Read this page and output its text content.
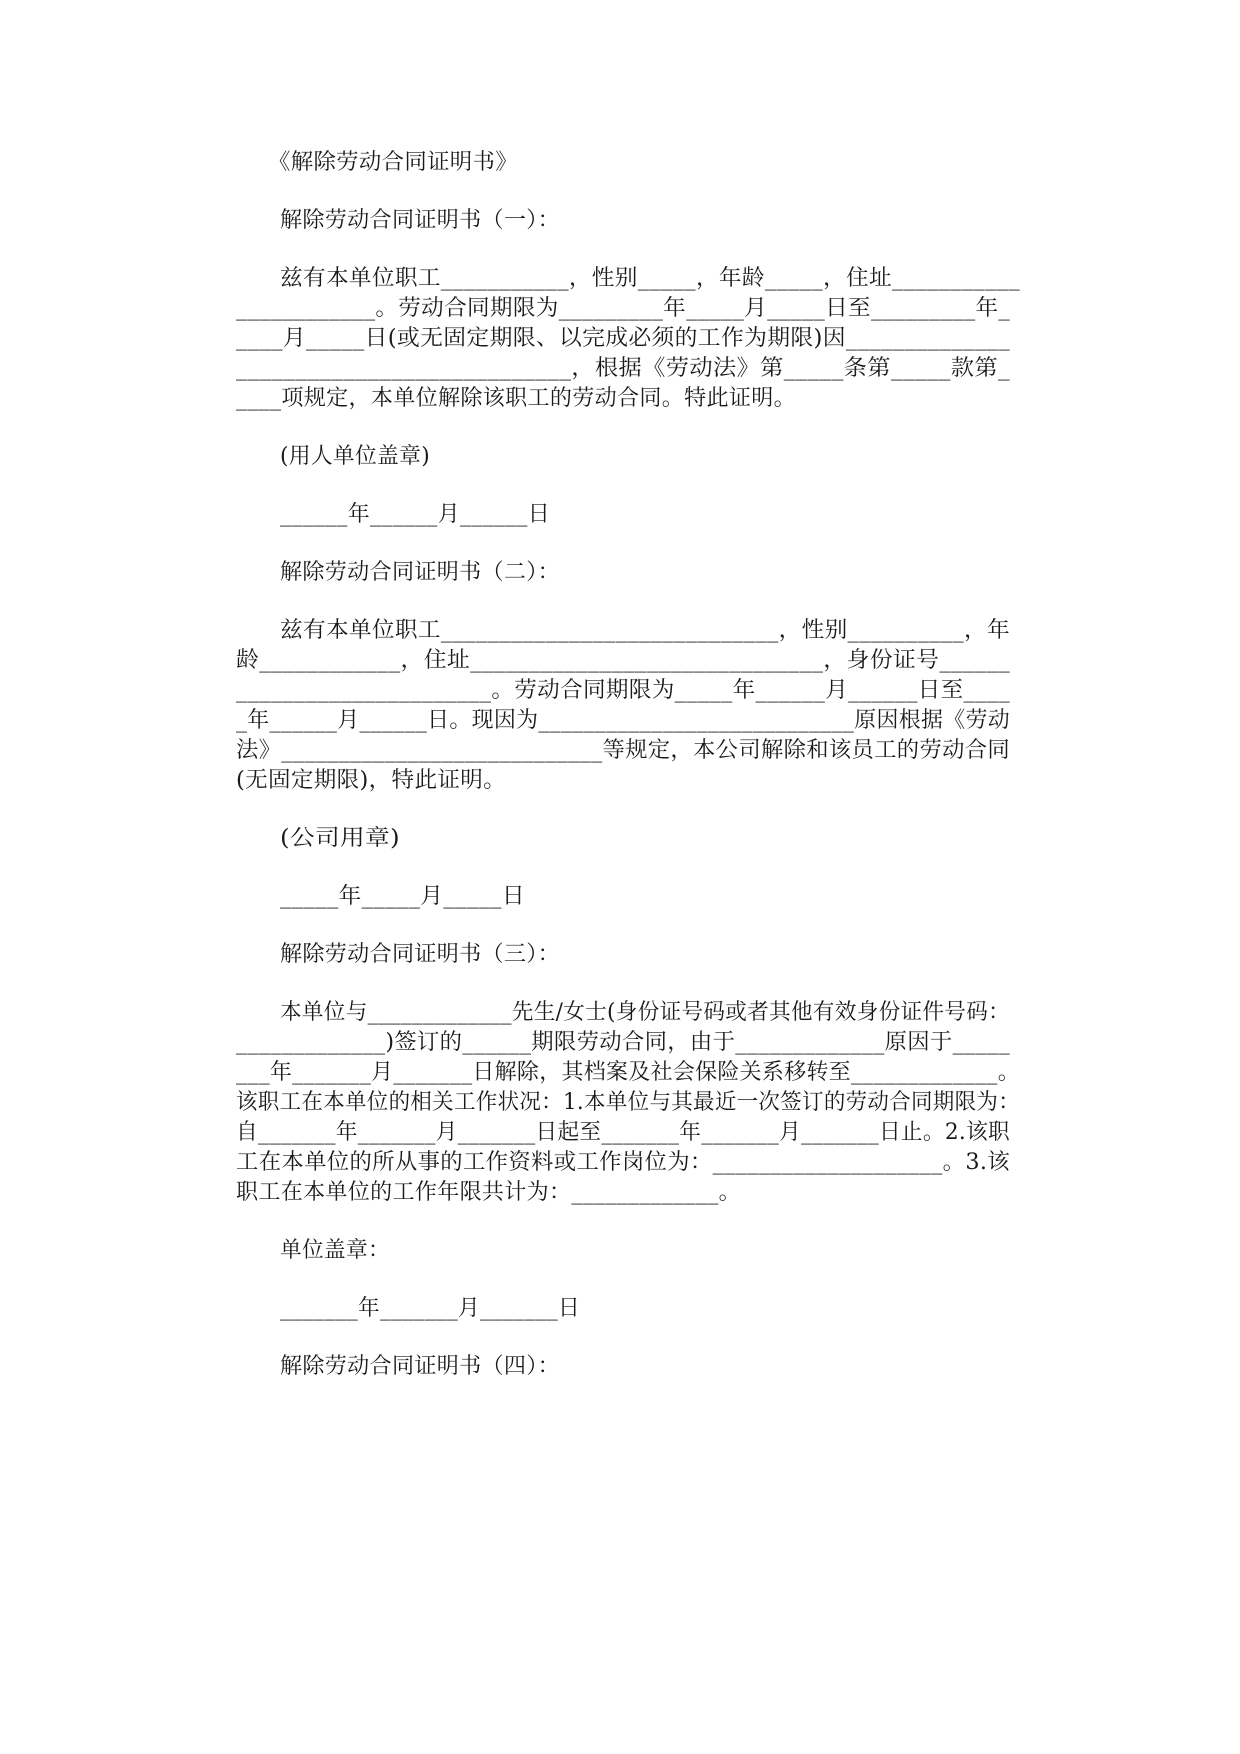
《解除劳动合同证明书》
解除劳动合同证明书（一）：
兹有本单位职工___________，性别_____，年龄_____，住址___________
____________。劳动合同期限为_________年_____月_____日至_________年_
____月_____日(或无固定期限、以完成必须的工作为期限)因______________
____________________________，根据《劳动法》第_____条第_____款第_
____项规定，本单位解除该职工的劳动合同。特此证明。
(用人单位盖章)
______年______月______日
解除劳动合同证明书（二）：
兹有本单位职工_____________________________，性别__________，年
龄____________，住址______________________________，身份证号______
______________________。劳动合同期限为_____年______月______日至____
_年______月______日。现因为____________________________原因根据《劳动
法》____________________________等规定，本公司解除和该员工的劳动合同
(无固定期限)，特此证明。
(公司用章)
_____年_____月_____日
解除劳动合同证明书（三）：
本单位与_____________先生/女士(身份证号码或者其他有效身份证件号码：
_____________)签订的______期限劳动合同，由于_____________原因于_____
___年_______月_______日解除，其档案及社会保险关系移转至_____________。
该职工在本单位的相关工作状况：1.本单位与其最近一次签订的劳动合同期限为：
自_______年_______月_______日起至_______年_______月_______日止。2.该职
工在本单位的所从事的工作资料或工作岗位为：____________________。3.该
职工在本单位的工作年限共计为：_____________。
单位盖章：
_______年_______月_______日
解除劳动合同证明书（四）：
